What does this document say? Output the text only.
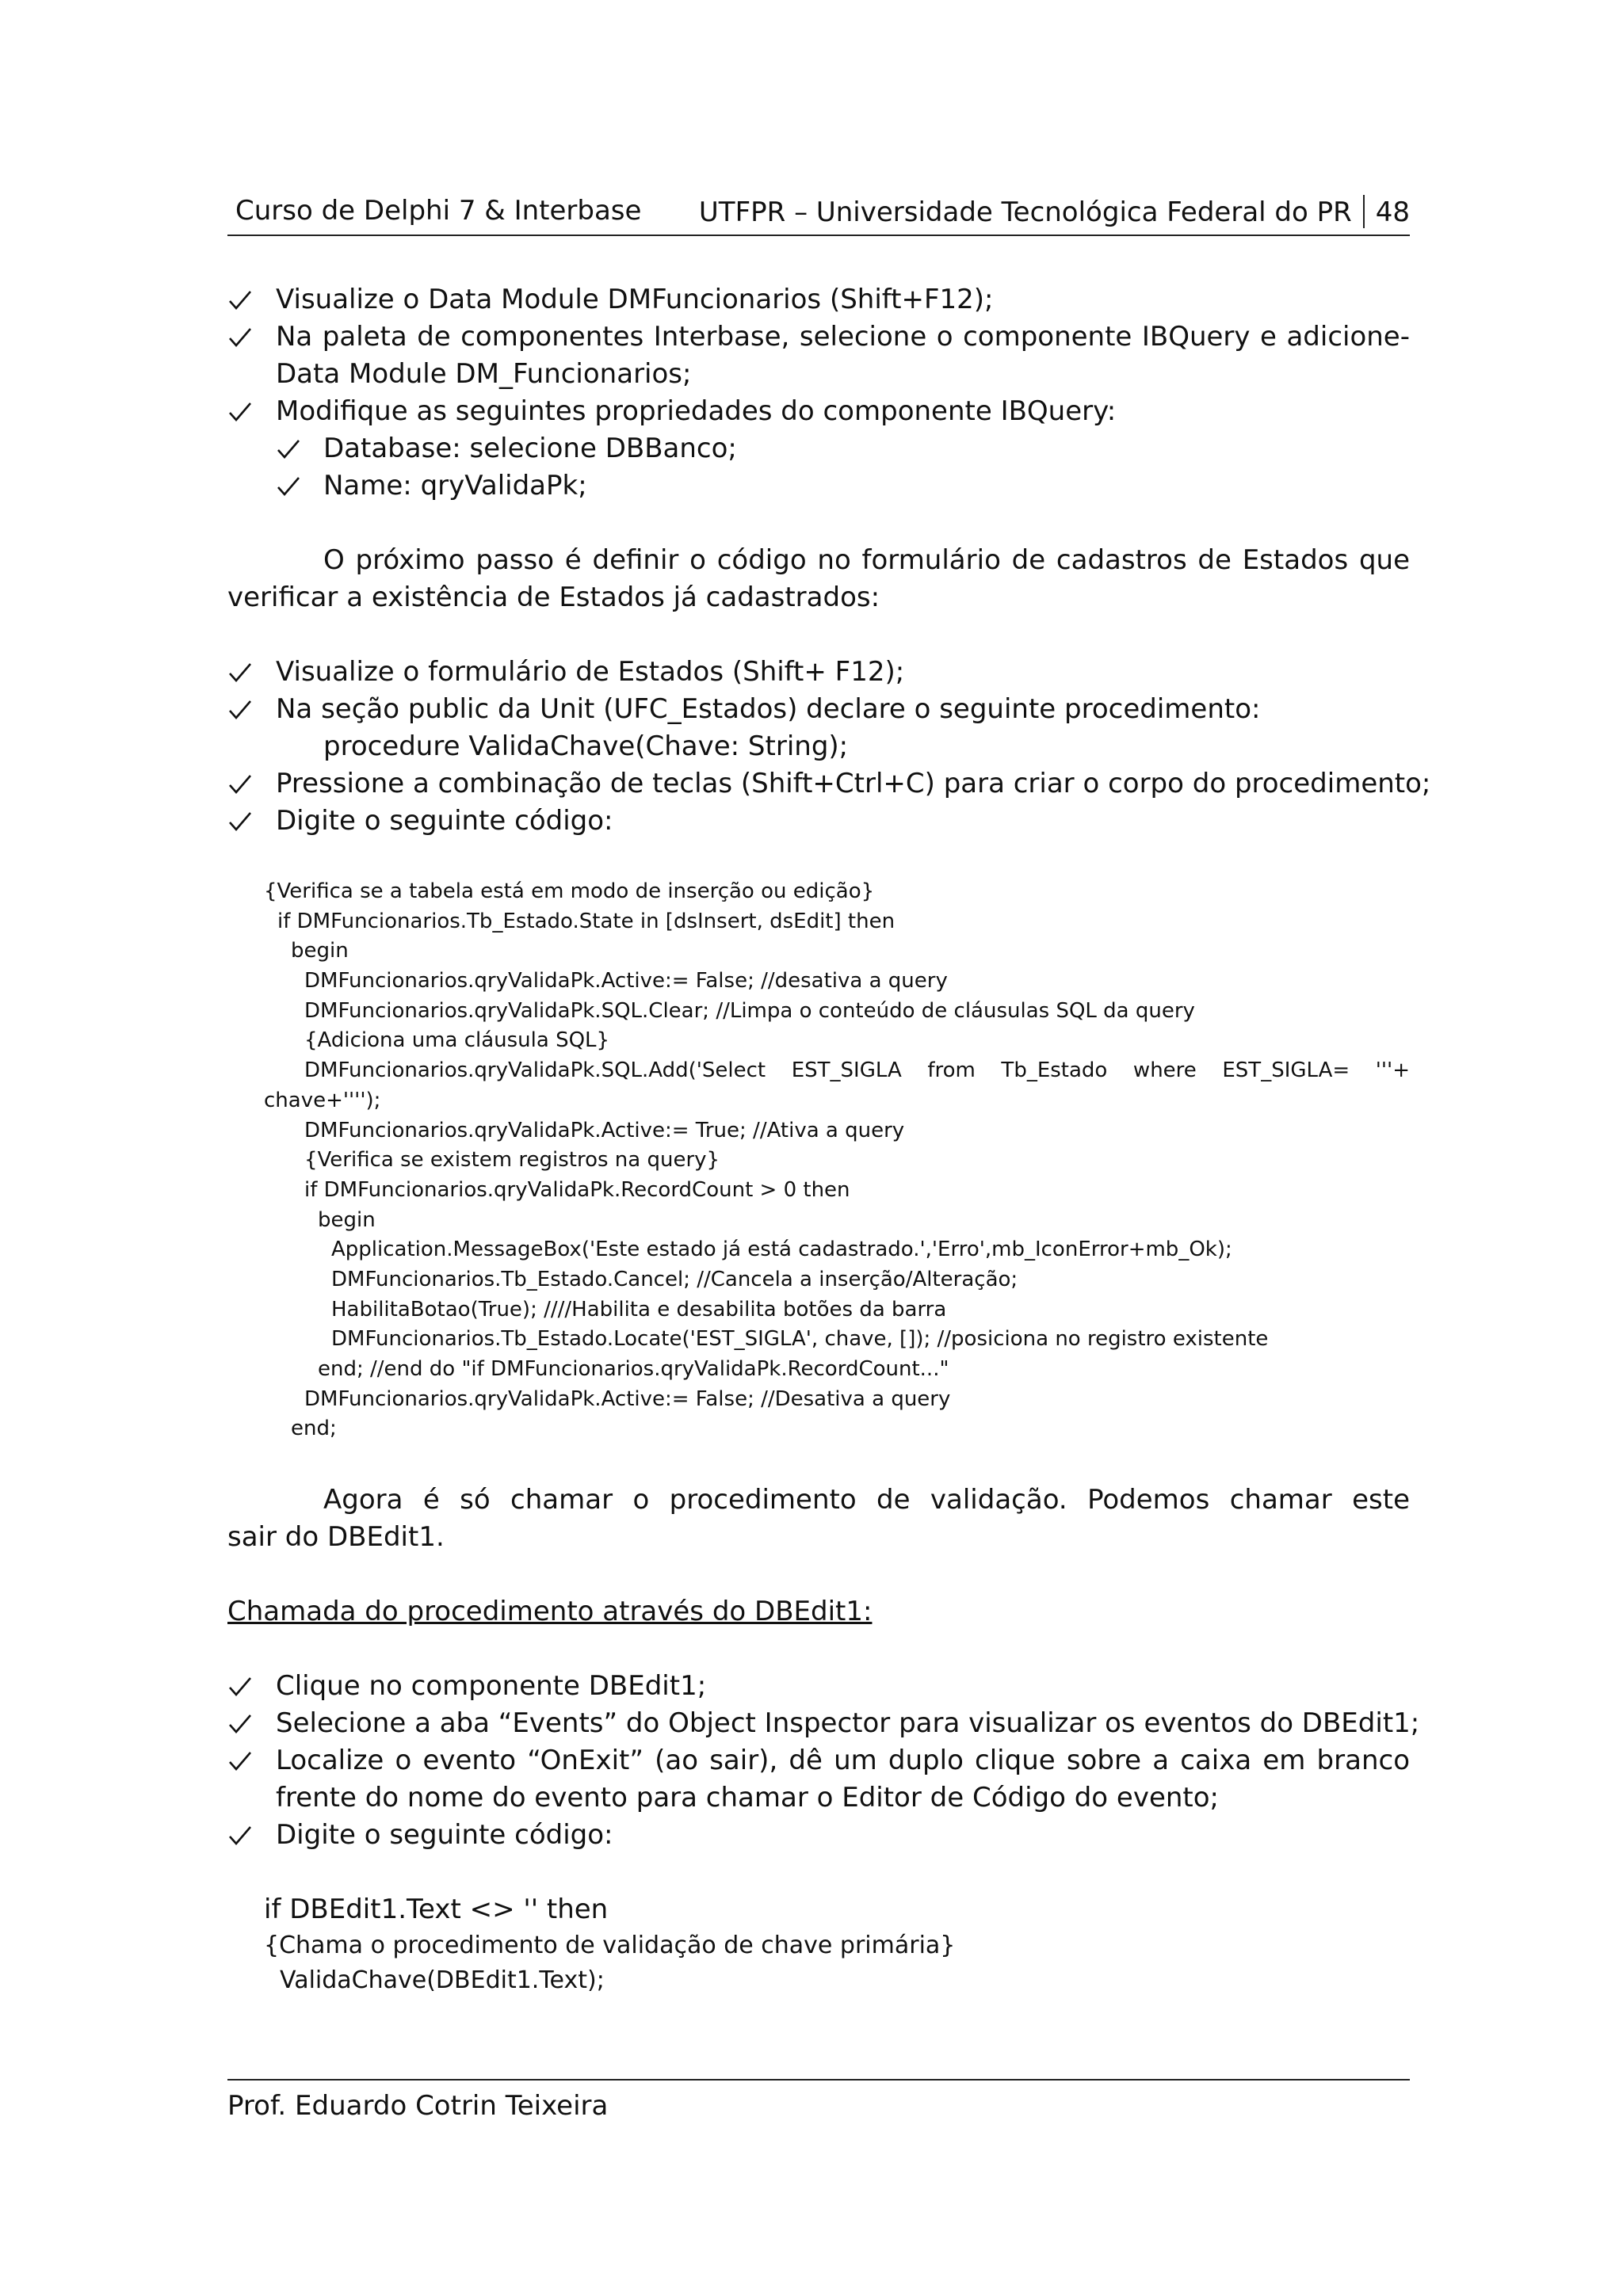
Curso de Delphi 7 & Interbase UTFPR – Universidade Tecnológica Federal do PR 48
Visualize o Data Module DMFuncionarios (Shift+F12);
Na paleta de componentes Interbase, selecione o componente IBQuery e adicione-
Data Module DM_Funcionarios;
Modifique as seguintes propriedades do componente IBQuery:
Database: selecione DBBanco;
Name: qryValidaPk;
O próximo passo é definir o código no formulário de cadastros de Estados que
verificar a existência de Estados já cadastrados:
Visualize o formulário de Estados (Shift+ F12);
Na seção public da Unit (UFC_Estados) declare o seguinte procedimento:
procedure ValidaChave(Chave: String);
Pressione a combinação de teclas (Shift+Ctrl+C) para criar o corpo do procedimento;
Digite o seguinte código:
{Verifica se a tabela está em modo de inserção ou edição}
if DMFuncionarios.Tb_Estado.State in [dsInsert, dsEdit] then
begin
DMFuncionarios.qryValidaPk.Active:= False; //desativa a query
DMFuncionarios.qryValidaPk.SQL.Clear; //Limpa o conteúdo de cláusulas SQL da query
{Adiciona uma cláusula SQL}
DMFuncionarios.qryValidaPk.SQL.Add('Select EST_SIGLA from Tb_Estado where EST_SIGLA= '''+
chave+'''');
DMFuncionarios.qryValidaPk.Active:= True; //Ativa a query
{Verifica se existem registros na query}
if DMFuncionarios.qryValidaPk.RecordCount > 0 then
begin
Application.MessageBox('Este estado já está cadastrado.','Erro',mb_IconError+mb_Ok);
DMFuncionarios.Tb_Estado.Cancel; //Cancela a inserção/Alteração;
HabilitaBotao(True); ////Habilita e desabilita botões da barra
DMFuncionarios.Tb_Estado.Locate('EST_SIGLA', chave, []); //posiciona no registro existente
end; //end do "if DMFuncionarios.qryValidaPk.RecordCount..."
DMFuncionarios.qryValidaPk.Active:= False; //Desativa a query
end;
Agora é só chamar o procedimento de validação. Podemos chamar este
sair do DBEdit1.
Chamada do procedimento através do DBEdit1:
Clique no componente DBEdit1;
Selecione a aba “Events” do Object Inspector para visualizar os eventos do DBEdit1;
Localize o evento “OnExit” (ao sair), dê um duplo clique sobre a caixa em branco
frente do nome do evento para chamar o Editor de Código do evento;
Digite o seguinte código:
if DBEdit1.Text <> '' then
{Chama o procedimento de validação de chave primária}
ValidaChave(DBEdit1.Text);
Prof. Eduardo Cotrin Teixeira
